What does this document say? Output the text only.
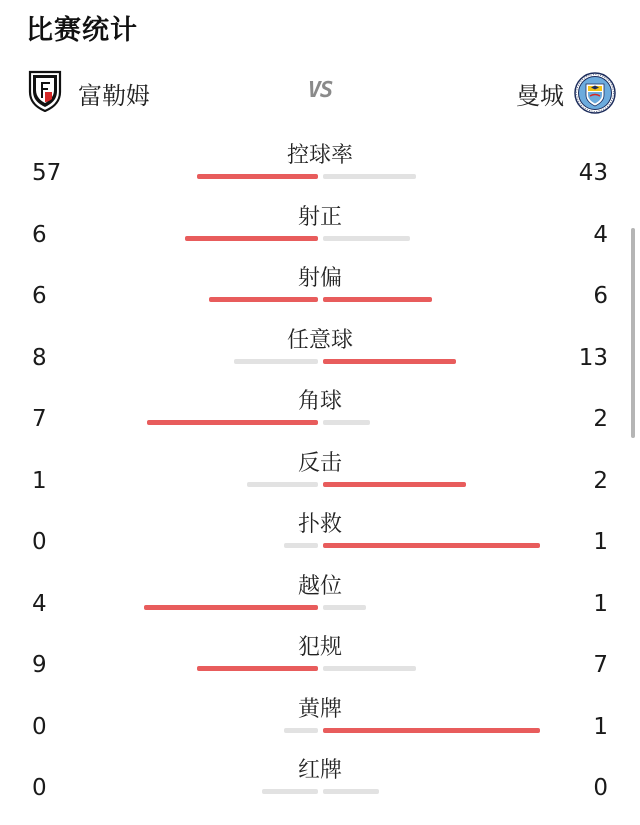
比赛统计
富勒姆	VS	曼城
控球率
57	43
射正
6	4
射偏
6	6
任意球
8	13
角球
7	2
反击
1	2
扑救
0	1
越位
4	1
犯规
9	7
黄牌
0	1
红牌
0	0
